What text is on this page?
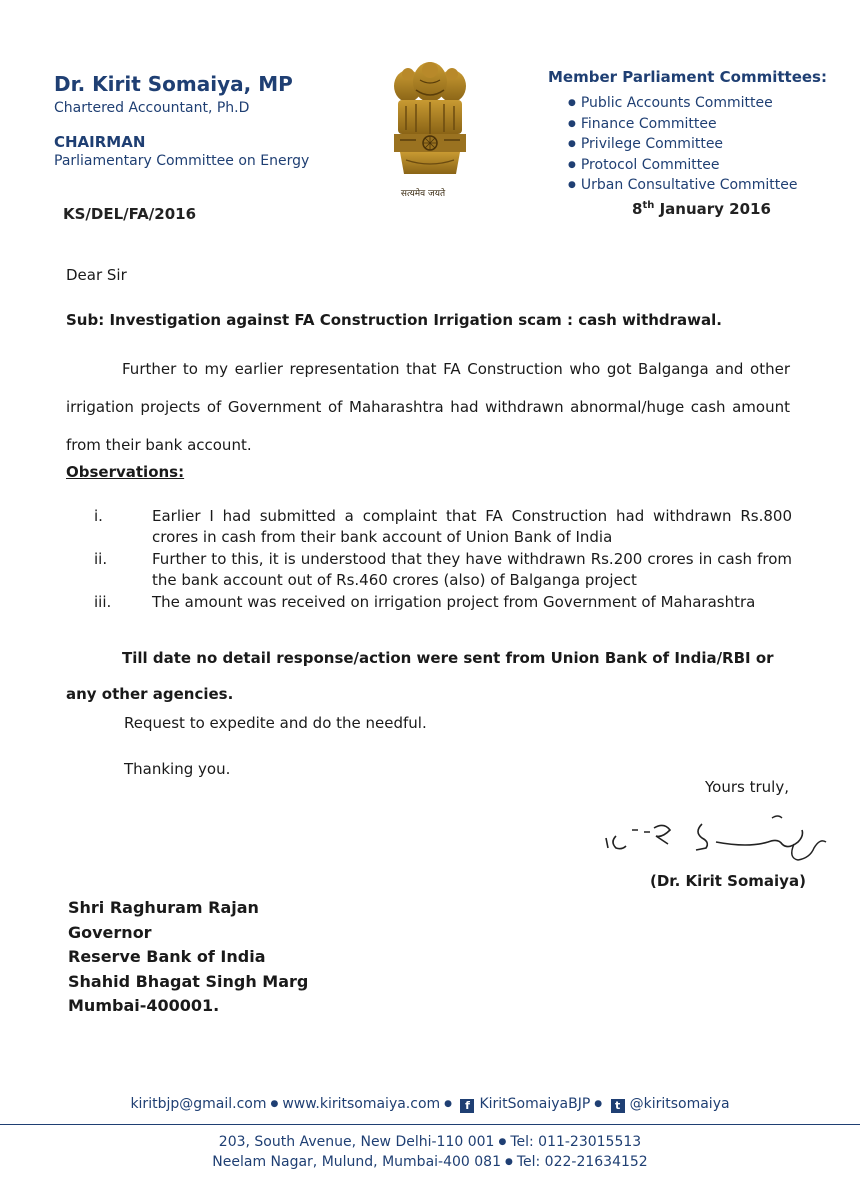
Dr. Kirit Somaiya, MP
Chartered Accountant, Ph.D
CHAIRMAN
Parliamentary Committee on Energy
सत्यमेव जयते
Member Parliament Committees:
● Public Accounts Committee
● Finance Committee
● Privilege Committee
● Protocol Committee
● Urban Consultative Committee
KS/DEL/FA/2016	8th January 2016
Dear Sir
Sub: Investigation against FA Construction Irrigation scam : cash withdrawal.
Further to my earlier representation that FA Construction who got Balganga and other irrigation projects of Government of Maharashtra had withdrawn abnormal/huge cash amount from their bank account.
Observations:
i.	Earlier I had submitted a complaint that FA Construction had withdrawn Rs.800 crores in cash from their bank account of Union Bank of India
ii.	Further to this, it is understood that they have withdrawn Rs.200 crores in cash from the bank account out of Rs.460 crores (also) of Balganga project
iii.	The amount was received on irrigation project from Government of Maharashtra
Till date no detail response/action were sent from Union Bank of India/RBI or any other agencies.
Request to expedite and do the needful.
Thanking you.
Yours truly,
(Dr. Kirit Somaiya)
Shri Raghuram Rajan
Governor
Reserve Bank of India
Shahid Bhagat Singh Marg
Mumbai-400001.
kiritbjp@gmail.com ● www.kiritsomaiya.com ● f KiritSomaiyaBJP ● t @kiritsomaiya
203, South Avenue, New Delhi-110 001 ● Tel: 011-23015513
Neelam Nagar, Mulund, Mumbai-400 081 ● Tel: 022-21634152
